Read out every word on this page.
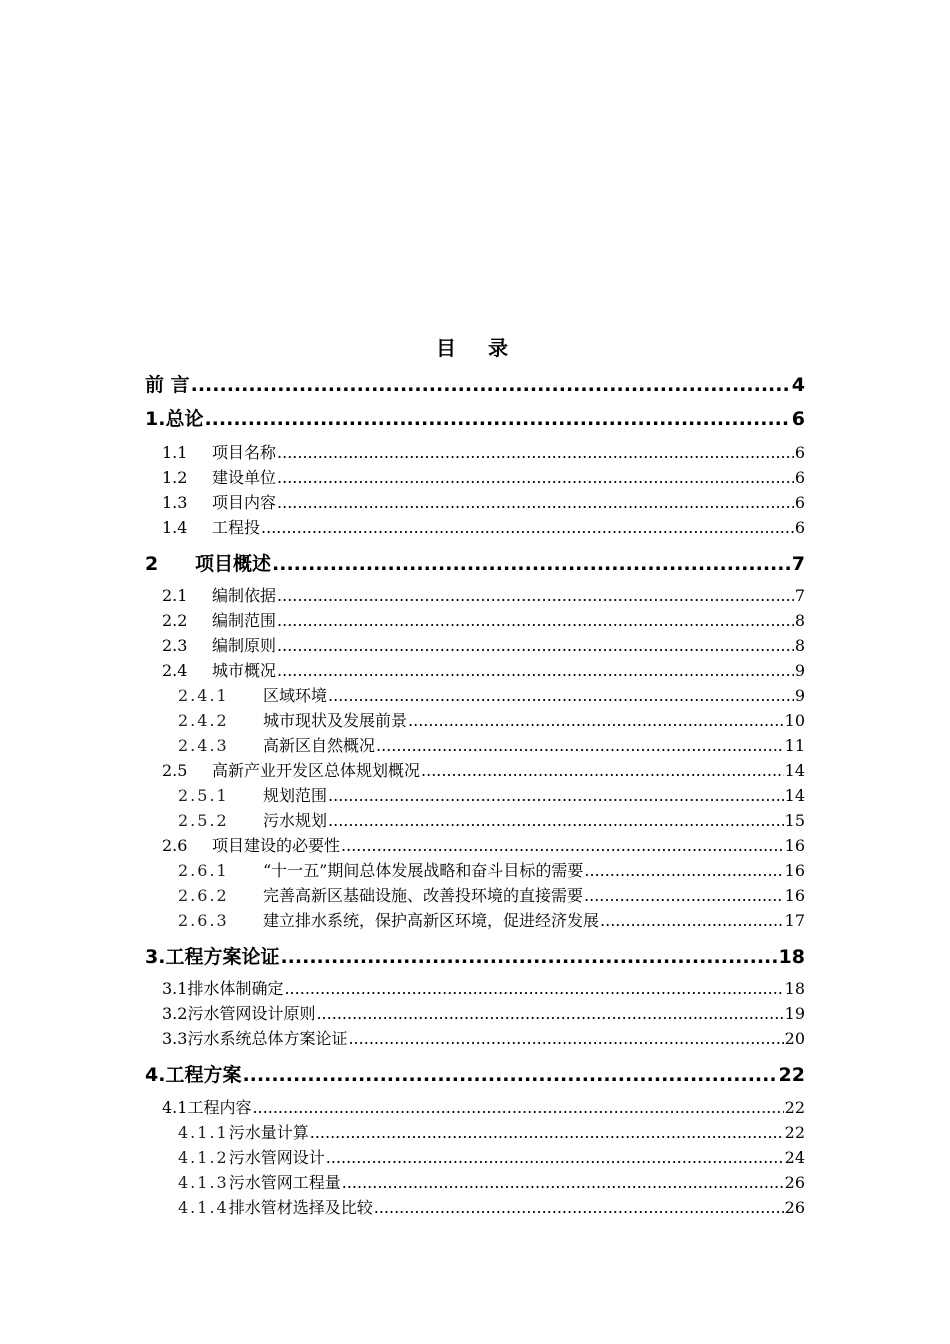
目　录
前 言 .....	4
1.总论 .....	6
1.1	项目名称 .....	6
1.2	建设单位 .....	6
1.3	项目内容 .....	6
1.4	工程投 .....	6
2	项目概述 .....	7
2.1	编制依据 .....	7
2.2	编制范围 .....	8
2.3	编制原则 .....	8
2.4	城市概况 .....	9
2.4.1	区域环境 .....	9
2.4.2	城市现状及发展前景 .....	10
2.4.3	高新区自然概况 .....	11
2.5	高新产业开发区总体规划概况 .....	14
2.5.1	规划范围 .....	14
2.5.2	污水规划 .....	15
2.6	项目建设的必要性 .....	16
2.6.1	“十一五”期间总体发展战略和奋斗目标的需要 .....	16
2.6.2	完善高新区基础设施、改善投环境的直接需要 .....	16
2.6.3	建立排水系统，保护高新区环境，促进经济发展 .....	17
3.工程方案论证 .....	18
3.1 排水体制确定 .....	18
3.2 污水管网设计原则 .....	19
3.3 污水系统总体方案论证 .....	20
4.工程方案 .....	22
4.1 工程内容 .....	22
4.1.1 污水量计算 .....	22
4.1.2 污水管网设计 .....	24
4.1.3 污水管网工程量 .....	26
4.1.4 排水管材选择及比较 .....	26
